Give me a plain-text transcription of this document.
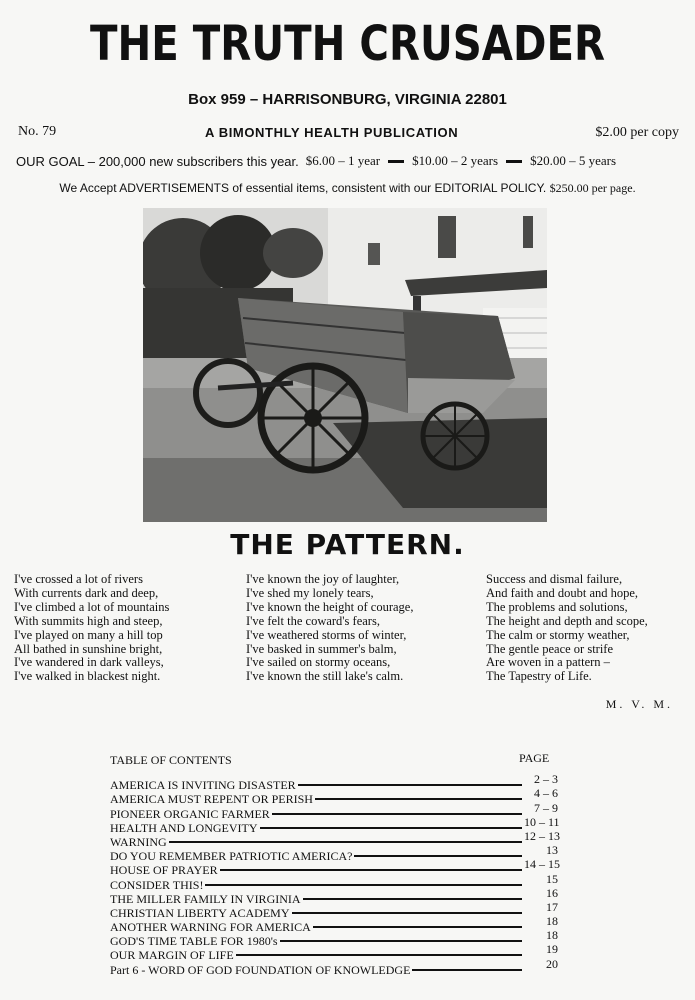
THE TRUTH CRUSADER
Box 959 – HARRISONBURG, VIRGINIA 22801
No. 79	A BIMONTHLY HEALTH PUBLICATION	$2.00 per copy
OUR GOAL – 200,000 new subscribers this year. $6.00 – 1 year $10.00 – 2 years $20.00 – 5 years
We Accept ADVERTISEMENTS of essential items, consistent with our EDITORIAL POLICY. $250.00 per page.
THE PATTERN.
I've crossed a lot of rivers
With currents dark and deep,
I've climbed a lot of mountains
With summits high and steep,
I've played on many a hill top
All bathed in sunshine bright,
I've wandered in dark valleys,
I've walked in blackest night.
I've known the joy of laughter,
I've shed my lonely tears,
I've known the height of courage,
I've felt the coward's fears,
I've weathered storms of winter,
I've basked in summer's balm,
I've sailed on stormy oceans,
I've known the still lake's calm.
Success and dismal failure,
And faith and doubt and hope,
The problems and solutions,
The height and depth and scope,
The calm or stormy weather,
The gentle peace or strife
Are woven in a pattern –
The Tapestry of Life.
M. V. M.
TABLE OF CONTENTS	PAGE
AMERICA IS INVITING DISASTER	2 – 3
AMERICA MUST REPENT OR PERISH	4 – 6
PIONEER ORGANIC FARMER	7 – 9
HEALTH AND LONGEVITY	10 – 11
WARNING	12 – 13
DO YOU REMEMBER PATRIOTIC AMERICA?	13
HOUSE OF PRAYER	14 – 15
CONSIDER THIS!	15
THE MILLER FAMILY IN VIRGINIA	16
CHRISTIAN LIBERTY ACADEMY	17
ANOTHER WARNING FOR AMERICA	18
GOD'S TIME TABLE FOR 1980's	18
OUR MARGIN OF LIFE	19
Part 6 - WORD OF GOD FOUNDATION OF KNOWLEDGE	20
